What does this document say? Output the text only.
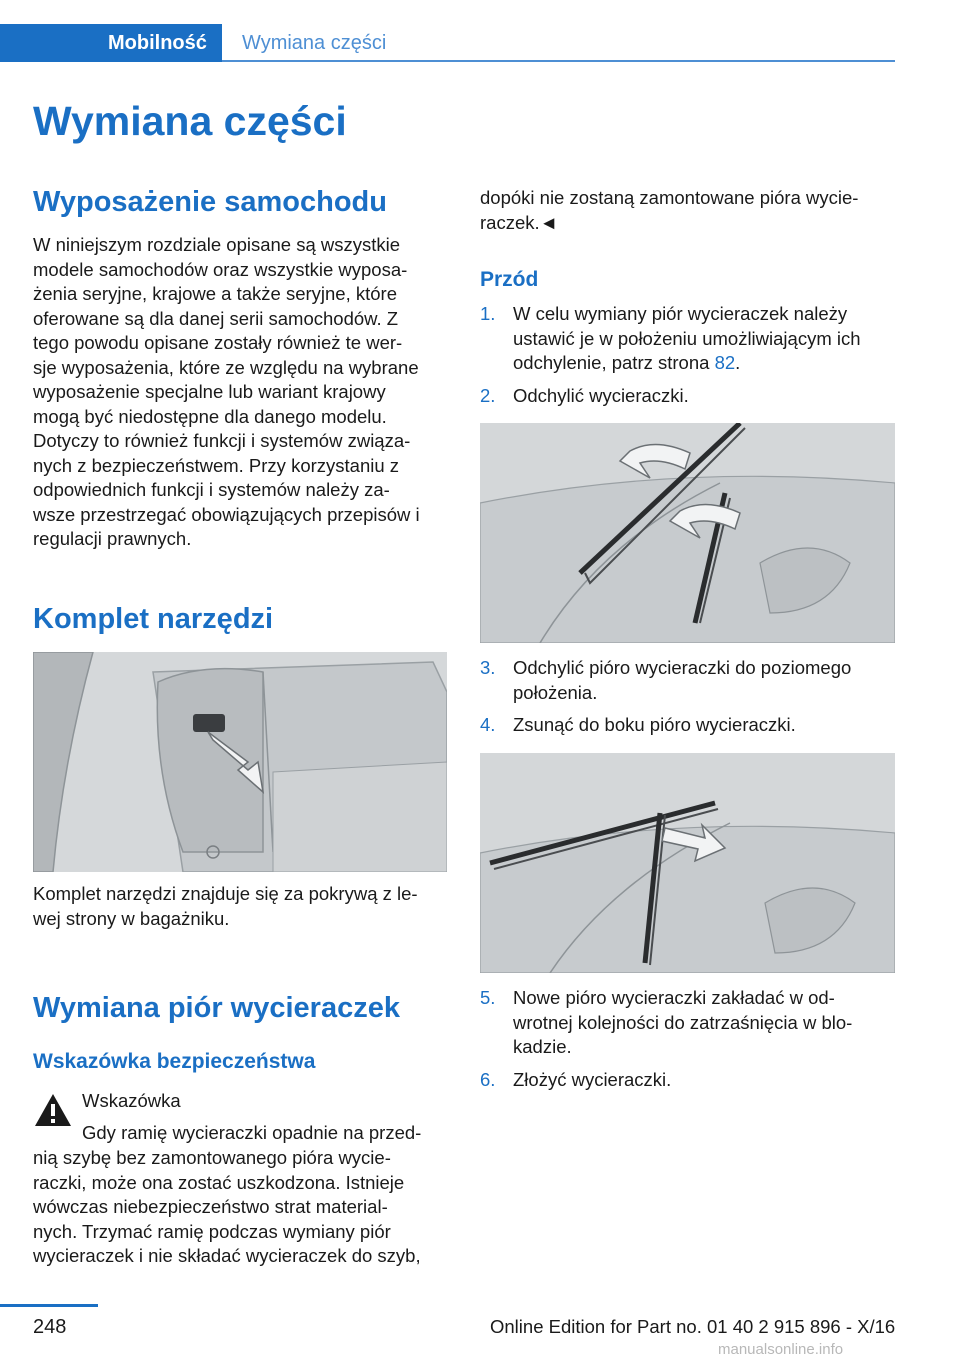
Mobilność	Wymiana części
Wymiana części
Wyposażenie samochodu

W niniejszym rozdziale opisane są wszystkie
modele samochodów oraz wszystkie wyposa‐
żenia seryjne, krajowe a także seryjne, które
oferowane są dla danej serii samochodów. Z
tego powodu opisane zostały również te wer‐
sje wyposażenia, które ze względu na wybrane
wyposażenie specjalne lub wariant krajowy
mogą być niedostępne dla danego modelu.
Dotyczy to również funkcji i systemów związa‐
nych z bezpieczeństwem. Przy korzystaniu z
odpowiednich funkcji i systemów należy za‐
wsze przestrzegać obowiązujących przepisów i
regulacji prawnych.

Komplet narzędzi

Komplet narzędzi znajduje się za pokrywą z le‐
wej strony w bagażniku.

Wymiana piór wycieraczek
Wskazówka bezpieczeństwa
Wskazówka
Gdy ramię wycieraczki opadnie na przed‐

nią szybę bez zamontowanego pióra wycie‐
raczki, może ona zostać uszkodzona. Istnieje
wówczas niebezpieczeństwo strat material‐
nych. Trzymać ramię podczas wymiany piór
wycieraczek i nie składać wycieraczek do szyb,

dopóki nie zostaną zamontowane pióra wycie‐
raczek.◄

Przód
1. W celu wymiany piór wycieraczek należy
ustawić je w położeniu umożliwiającym ich
odchylenie, patrz strona 82.
2. Odchylić wycieraczki.
3. Odchylić pióro wycieraczki do poziomego
położenia.
4. Zsunąć do boku pióro wycieraczki.
5. Nowe pióro wycieraczki zakładać w od‐
wrotnej kolejności do zatrzaśnięcia w blo‐
kadzie.
6. Złożyć wycieraczki.
248	Online Edition for Part no. 01 40 2 915 896 - X/16
manualsonline.info
